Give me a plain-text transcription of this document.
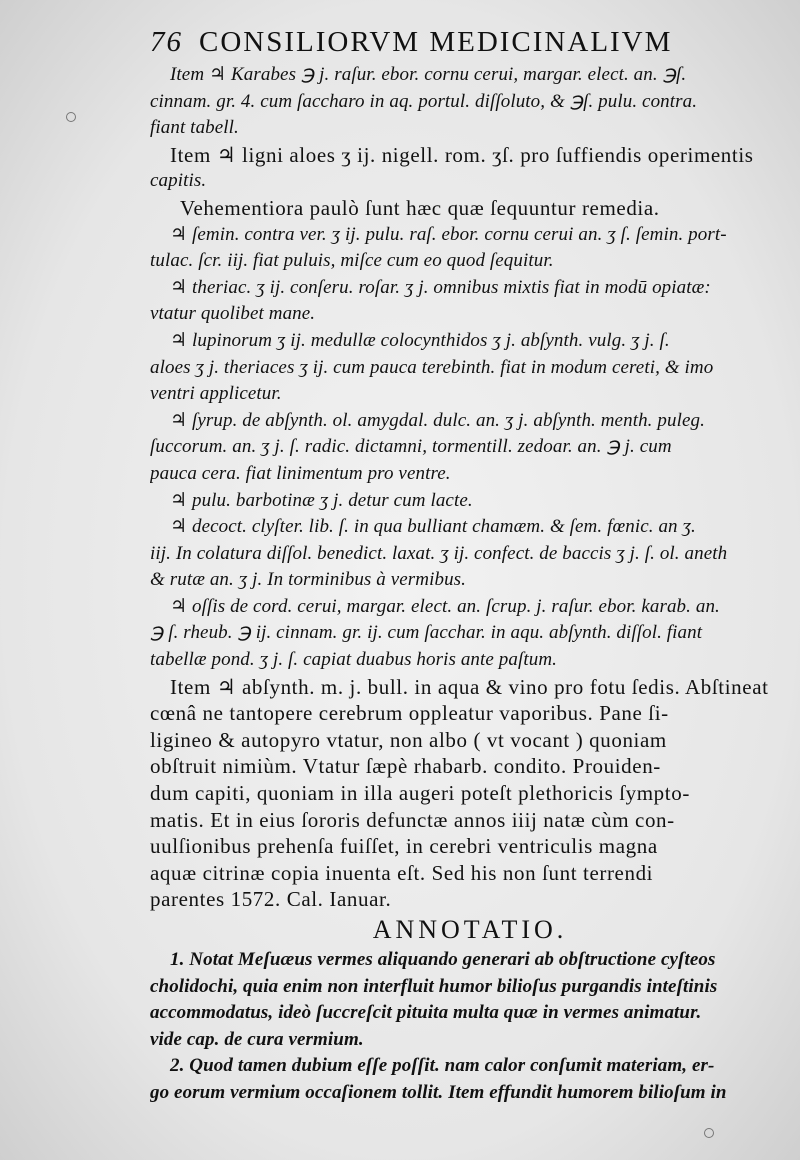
76 CONSILIORVM MEDICINALIVM
Item ♃ Karabes ℈ j. raſur. ebor. cornu cerui, margar. elect. an. ℈ſ.
cinnam. gr. 4. cum ſaccharo in aq. portul. diſſoluto, & ℈ſ. pulu. contra.
fiant tabell.
Item ♃ ligni aloes ʒ ij. nigell. rom. ʒſ. pro ſuffiendis operimentis
capitis.
Vehementiora paulò ſunt hæc quæ ſequuntur remedia.
♃ ſemin. contra ver. ʒ ij. pulu. raſ. ebor. cornu cerui an. ʒ ſ. ſemin. port-
tulac. ſcr. iij. fiat puluis, miſce cum eo quod ſequitur.
♃ theriac. ʒ ij. conſeru. roſar. ʒ j. omnibus mixtis fiat in modū opiatæ:
vtatur quolibet mane.
♃ lupinorum ʒ ij. medullæ colocynthidos ʒ j. abſynth. vulg. ʒ j. ſ.
aloes ʒ j. theriaces ʒ ij. cum pauca terebinth. fiat in modum cereti, & imo
ventri applicetur.
♃ ſyrup. de abſynth. ol. amygdal. dulc. an. ʒ j. abſynth. menth. puleg.
ſuccorum. an. ʒ j. ſ. radic. dictamni, tormentill. zedoar. an. ℈ j. cum
pauca cera. fiat linimentum pro ventre.
♃ pulu. barbotinæ ʒ j. detur cum lacte.
♃ decoct. clyſter. lib. ſ. in qua bulliant chamæm. & ſem. fœnic. an ʒ.
iij. In colatura diſſol. benedict. laxat. ʒ ij. confect. de baccis ʒ j. ſ. ol. aneth
& rutæ an. ʒ j. In torminibus à vermibus.
♃ oſſis de cord. cerui, margar. elect. an. ſcrup. j. raſur. ebor. karab. an.
℈ ſ. rheub. ℈ ij. cinnam. gr. ij. cum ſacchar. in aqu. abſynth. diſſol. fiant
tabellæ pond. ʒ j. ſ. capiat duabus horis ante paſtum.
Item ♃ abſynth. m. j. bull. in aqua & vino pro fotu ſedis. Abſtineat
cœnâ ne tantopere cerebrum oppleatur vaporibus. Pane ſi-
ligineo & autopyro vtatur, non albo ( vt vocant ) quoniam
obſtruit nimiùm. Vtatur ſæpè rhabarb. condito. Prouiden-
dum capiti, quoniam in illa augeri poteſt plethoricis ſympto-
matis. Et in eius ſororis defunctæ annos iiij natæ cùm con-
uulſionibus prehenſa fuiſſet, in cerebri ventriculis magna
aquæ citrinæ copia inuenta eſt. Sed his non ſunt terrendi
parentes 1572. Cal. Ianuar.
ANNOTATIO.
1. Notat Meſuæus vermes aliquando generari ab obſtructione cyſteos
cholidochi, quia enim non interfluit humor bilioſus purgandis inteſtinis
accommodatus, ideò ſuccreſcit pituita multa quæ in vermes animatur.
vide cap. de cura vermium.
2. Quod tamen dubium eſſe poſſit. nam calor conſumit materiam, er-
go eorum vermium occaſionem tollit. Item effundit humorem bilioſum in
